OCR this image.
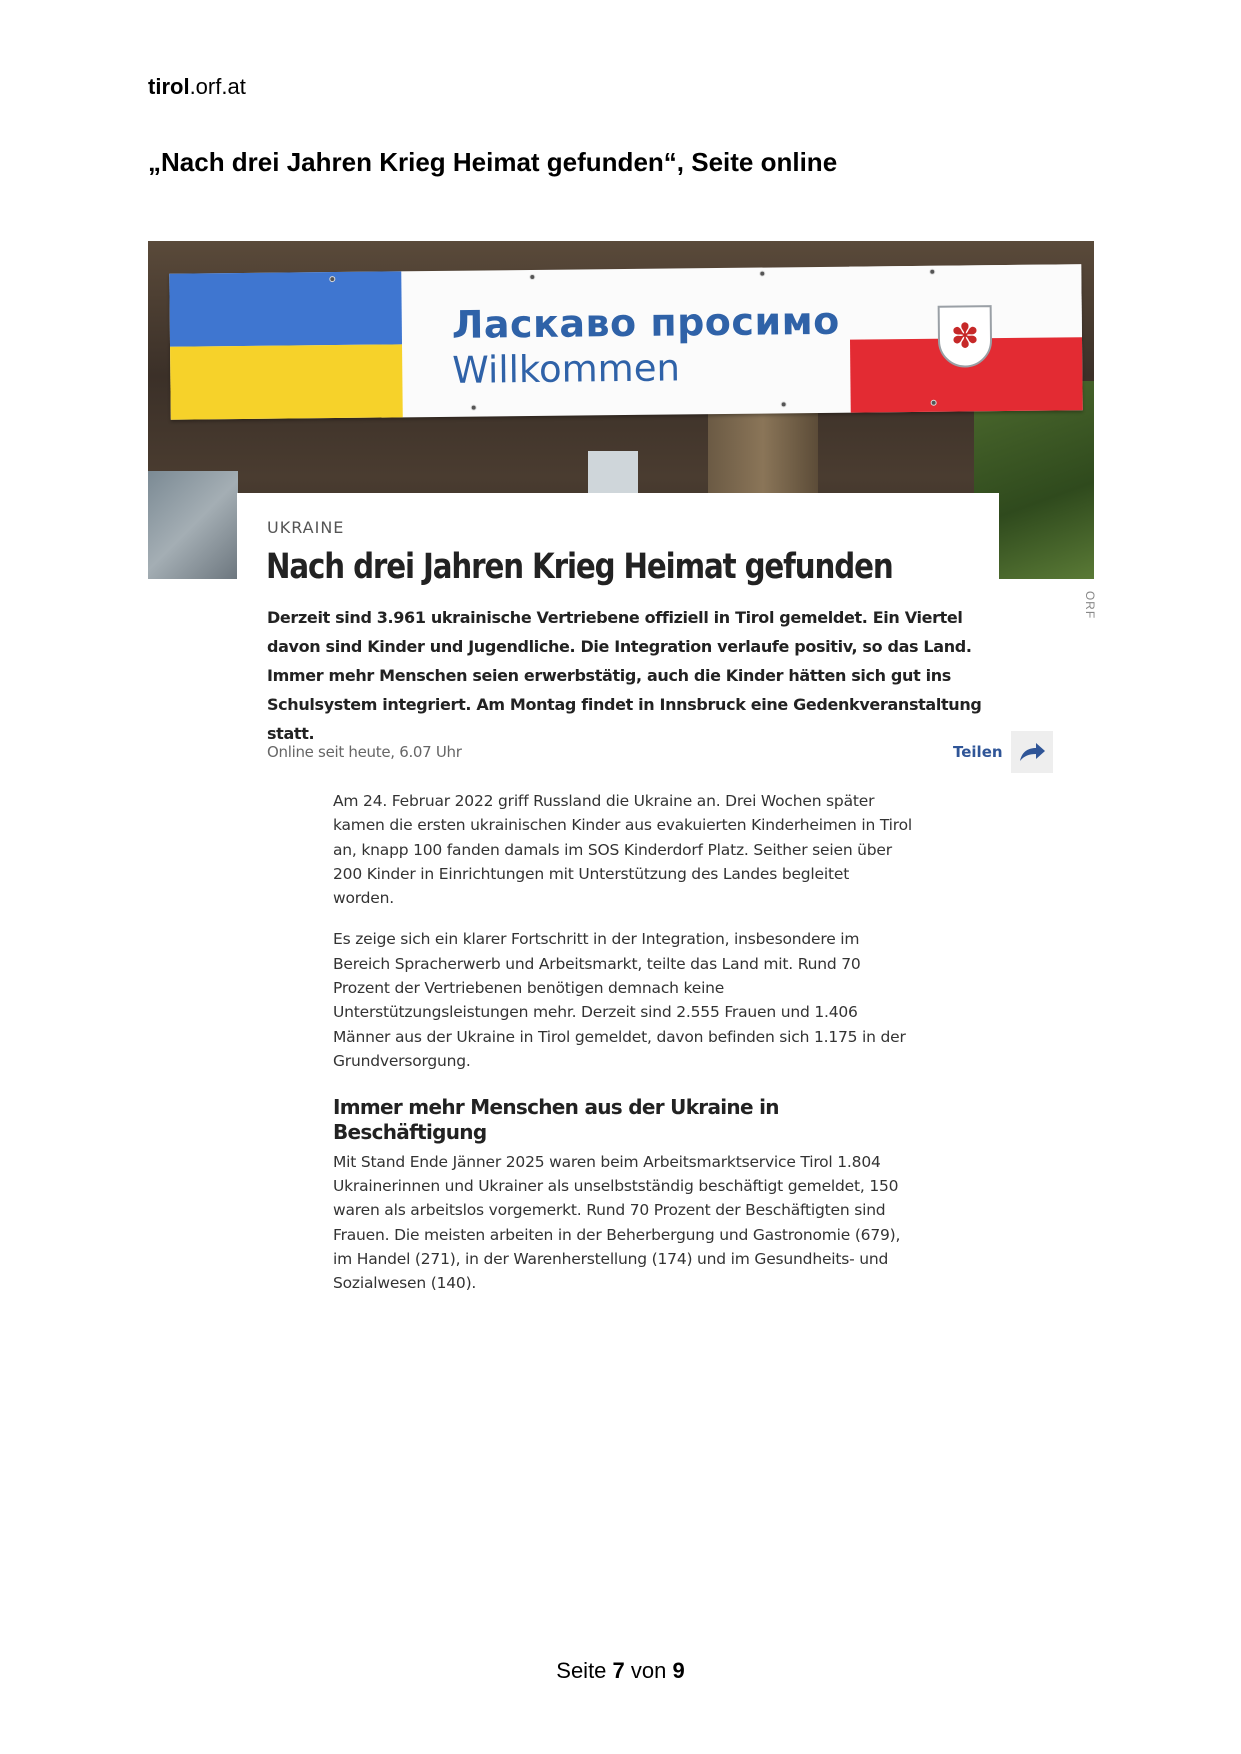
tirol.orf.at
„Nach drei Jahren Krieg Heimat gefunden“, Seite online
Ласкаво просимо
Willkommen
✽
ORF
UKRAINE
Nach drei Jahren Krieg Heimat gefunden
Derzeit sind 3.961 ukrainische Vertriebene offiziell in Tirol gemeldet. Ein Viertel davon sind Kinder und Jugendliche. Die Integration verlaufe positiv, so das Land. Immer mehr Menschen seien erwerbstätig, auch die Kinder hätten sich gut ins Schulsystem integriert. Am Montag findet in Innsbruck eine Gedenkveranstaltung statt.
Online seit heute, 6.07 Uhr	Teilen

Am 24. Februar 2022 griff Russland die Ukraine an. Drei Wochen später kamen die ersten ukrainischen Kinder aus evakuierten Kinderheimen in Tirol an, knapp 100 fanden damals im SOS Kinderdorf Platz. Seither seien über 200 Kinder in Einrichtungen mit Unterstützung des Landes begleitet worden.

Es zeige sich ein klarer Fortschritt in der Integration, insbesondere im Bereich Spracherwerb und Arbeitsmarkt, teilte das Land mit. Rund 70 Prozent der Vertriebenen benötigen demnach keine Unterstützungsleistungen mehr. Derzeit sind 2.555 Frauen und 1.406 Männer aus der Ukraine in Tirol gemeldet, davon befinden sich 1.175 in der Grundversorgung.

Immer mehr Menschen aus der Ukraine in Beschäftigung

Mit Stand Ende Jänner 2025 waren beim Arbeitsmarktservice Tirol 1.804 Ukrainerinnen und Ukrainer als unselbstständig beschäftigt gemeldet, 150 waren als arbeitslos vorgemerkt. Rund 70 Prozent der Beschäftigten sind Frauen. Die meisten arbeiten in der Beherbergung und Gastronomie (679), im Handel (271), in der Warenherstellung (174) und im Gesundheits- und Sozialwesen (140).

Seite 7 von 9
